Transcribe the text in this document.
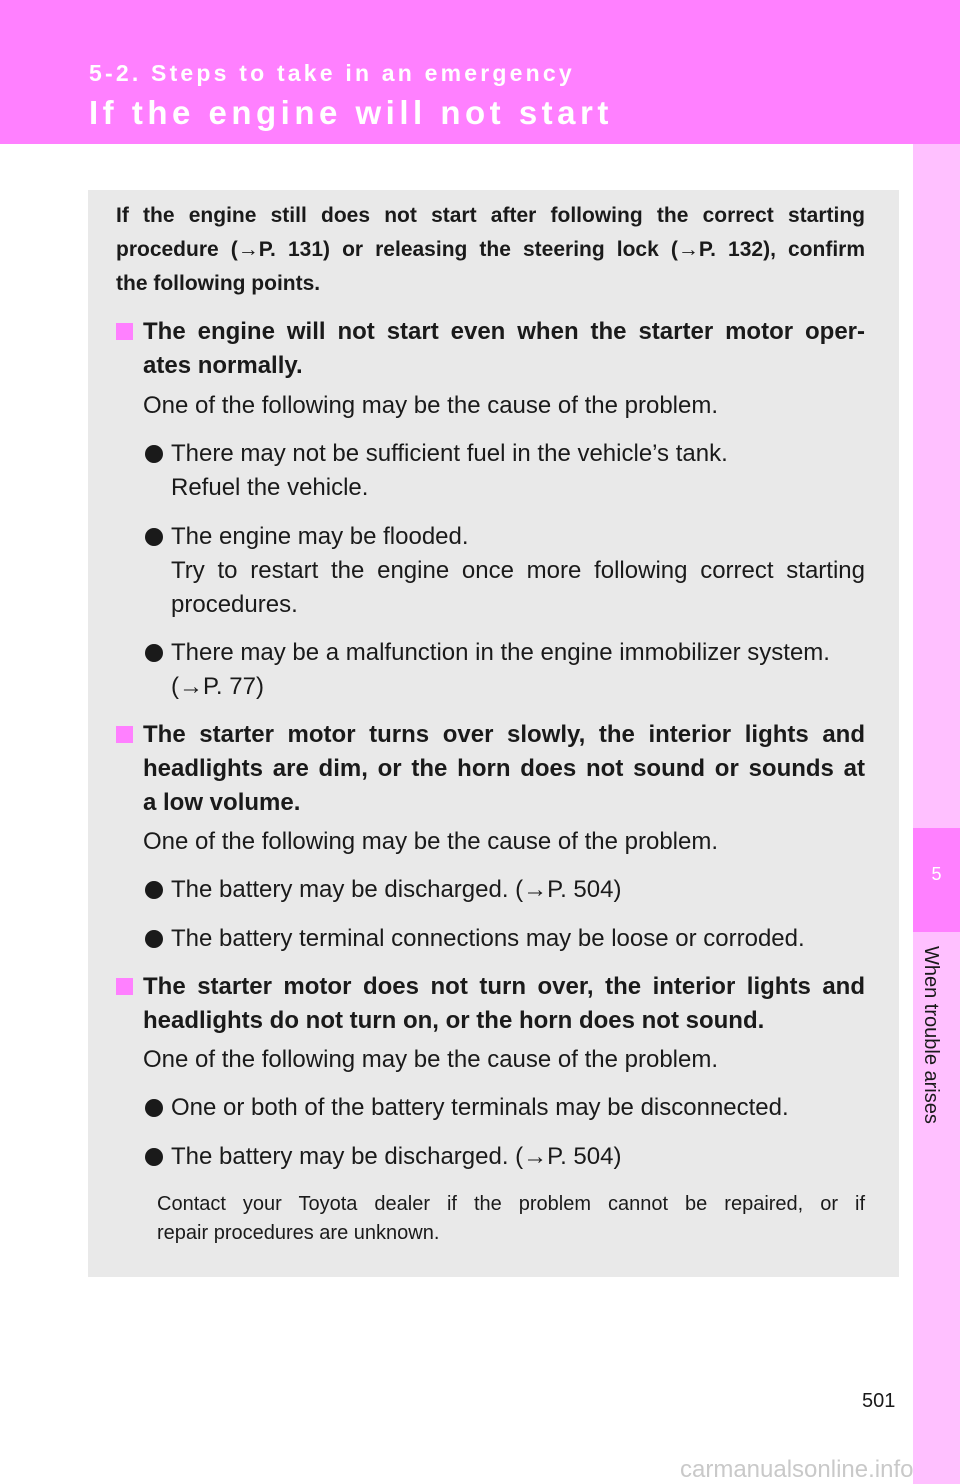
5-2. Steps to take in an emergency
If the engine will not start
5
When trouble arises
If the engine still does not start after following the correct starting
procedure (→P. 131) or releasing the steering lock (→P. 132), confirm
the following points.
The engine will not start even when the starter motor oper-
ates normally.
One of the following may be the cause of the problem.
There may not be sufficient fuel in the vehicle’s tank.
Refuel the vehicle.
The engine may be flooded.
Try to restart the engine once more following correct starting
procedures.
There may be a malfunction in the engine immobilizer system.
(→P. 77)
The starter motor turns over slowly, the interior lights and
headlights are dim, or the horn does not sound or sounds at
a low volume.
One of the following may be the cause of the problem.
The battery may be discharged. (→P. 504)
The battery terminal connections may be loose or corroded.
The starter motor does not turn over, the interior lights and
headlights do not turn on, or the horn does not sound.
One of the following may be the cause of the problem.
One or both of the battery terminals may be disconnected.
The battery may be discharged. (→P. 504)
Contact your Toyota dealer if the problem cannot be repaired, or if
repair procedures are unknown.
501
carmanualsonline.info
